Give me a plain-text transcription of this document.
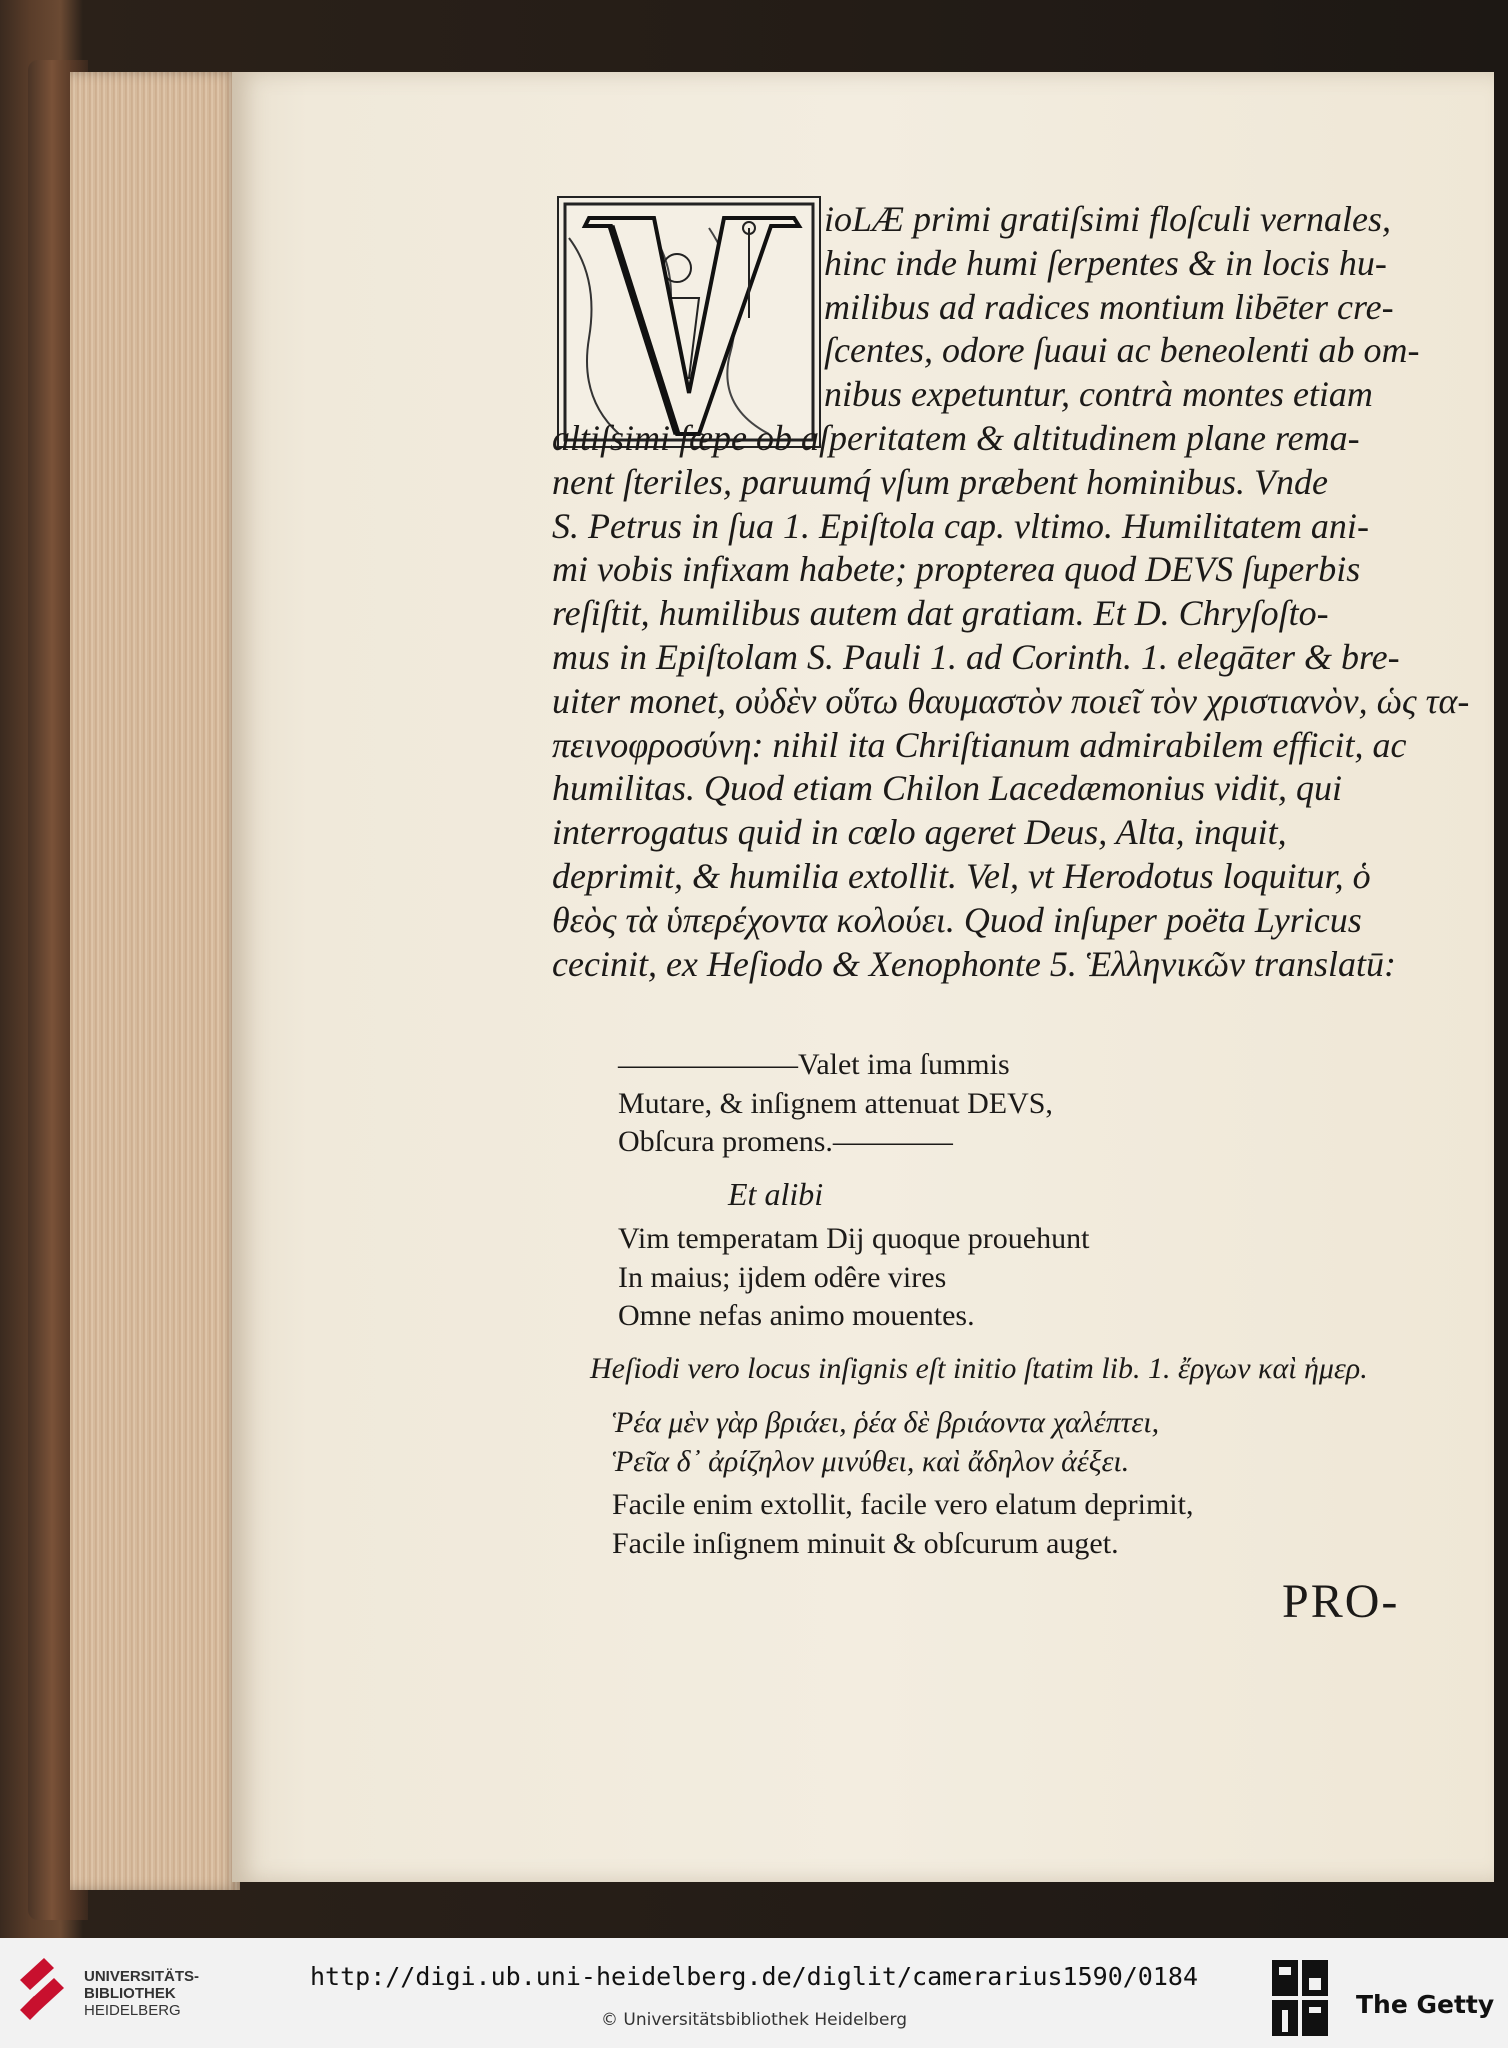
ioLÆ primi gratiſsimi floſculi vernales,
hinc inde humi ſerpentes & in locis hu-
milibus ad radices montium libēter cre-
ſcentes, odore ſuaui ac beneolenti ab om-
nibus expetuntur, contrà montes etiam
altiſsimi ſæpe ob aſperitatem & altitudinem plane rema-
nent ſteriles, paruumq́ vſum præbent hominibus. Vnde
S. Petrus in ſua 1. Epiſtola cap. vltimo. Humilitatem ani-
mi vobis infixam habete; propterea quod DEVS ſuperbis
reſiſtit, humilibus autem dat gratiam. Et D. Chryſoſto-
mus in Epiſtolam S. Pauli 1. ad Corinth. 1. elegāter & bre-
uiter monet, οὐδὲν οὕτω θαυμαστὸν ποιεῖ τὸν χριστιανὸν, ὡς τα-
πεινοφροσύνη: nihil ita Chriſtianum admirabilem efficit, ac
humilitas. Quod etiam Chilon Lacedæmonius vidit, qui
interrogatus quid in cœlo ageret Deus, Alta, inquit,
deprimit, & humilia extollit. Vel, vt Herodotus loquitur, ὁ
θεὸς τὰ ὑπερέχοντα κολούει. Quod inſuper poëta Lyricus
cecinit, ex Heſiodo & Xenophonte 5. Ἑλληνικῶν translatū:
――――――Valet ima ſummis
Mutare, & inſignem attenuat DEVS,
Obſcura promens.――――
Et alibi
Vim temperatam Dij quoque prouehunt
In maius; ijdem odêre vires
Omne nefas animo mouentes.
Heſiodi vero locus inſignis eſt initio ſtatim lib. 1. ἔργων καὶ ἡμερ.
Ῥέα μὲν γὰρ βριάει, ῥέα δὲ βριάοντα χαλέπτει,
Ῥεῖα δ᾽ ἀρίζηλον μινύθει, καὶ ἄδηλον ἀέξει.
Facile enim extollit, facile vero elatum deprimit,
Facile inſignem minuit & obſcurum auget.
PRO-
UNIVERSITÄTS-
BIBLIOTHEK
HEIDELBERG
http://digi.ub.uni-heidelberg.de/diglit/camerarius1590/0184
© Universitätsbibliothek Heidelberg
The Getty
